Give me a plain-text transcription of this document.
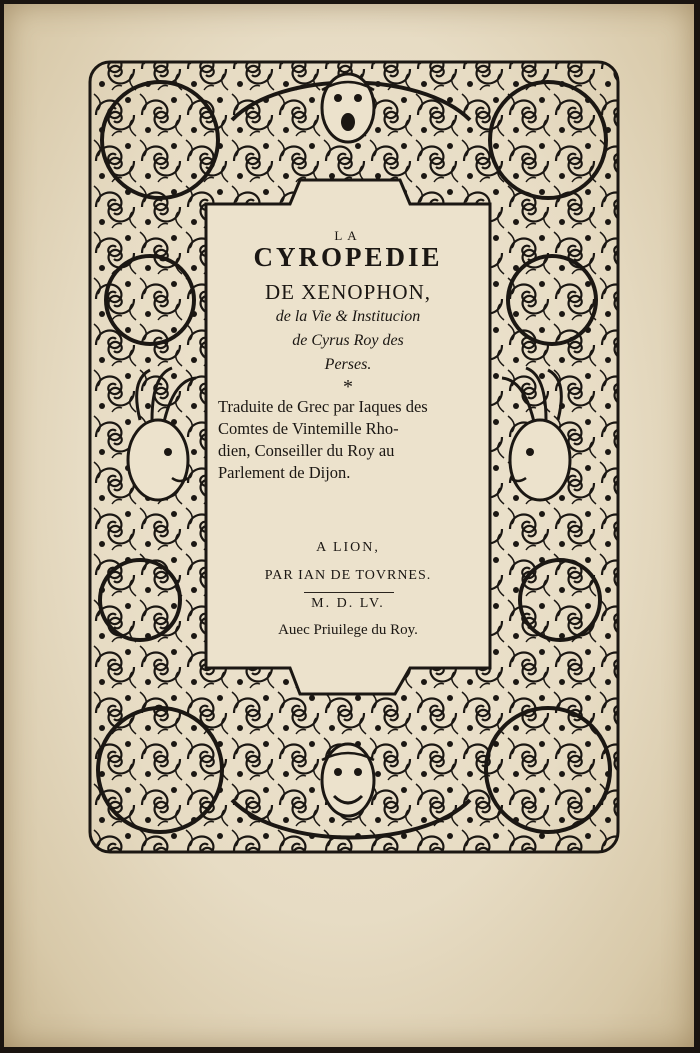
LA
CYROPEDIE
DE XENOPHON,
de la Vie & Institucion
de Cyrus Roy des
Perses.
*
Traduite de Grec par Iaques des
Comtes de Vintemille Rho-
dien, Conseiller du Roy au
Parlement de Dijon.
A LION,
PAR IAN DE TOVRNES.
M. D. LV.
Auec Priuilege du Roy.
